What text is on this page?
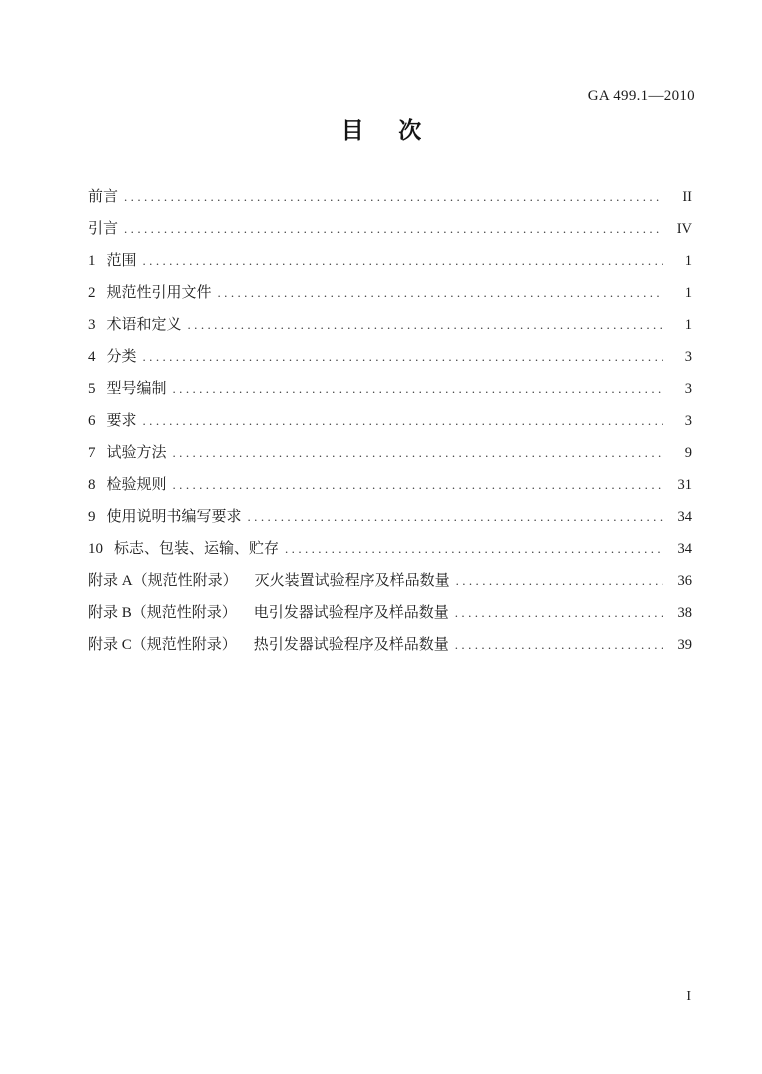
GA 499.1—2010
目      次
前言 .....	II
引言 .....	IV
1 范围 .....	1
2 规范性引用文件 .....	1
3 术语和定义 .....	1
4 分类 .....	3
5 型号编制 .....	3
6 要求 .....	3
7 试验方法 .....	9
8 检验规则 .....	31
9 使用说明书编写要求 .....	34
10 标志、包装、运输、贮存 .....	34
附录 A（规范性附录） 灭火装置试验程序及样品数量 .....	36
附录 B（规范性附录） 电引发器试验程序及样品数量 .....	38
附录 C（规范性附录） 热引发器试验程序及样品数量 .....	39
I
